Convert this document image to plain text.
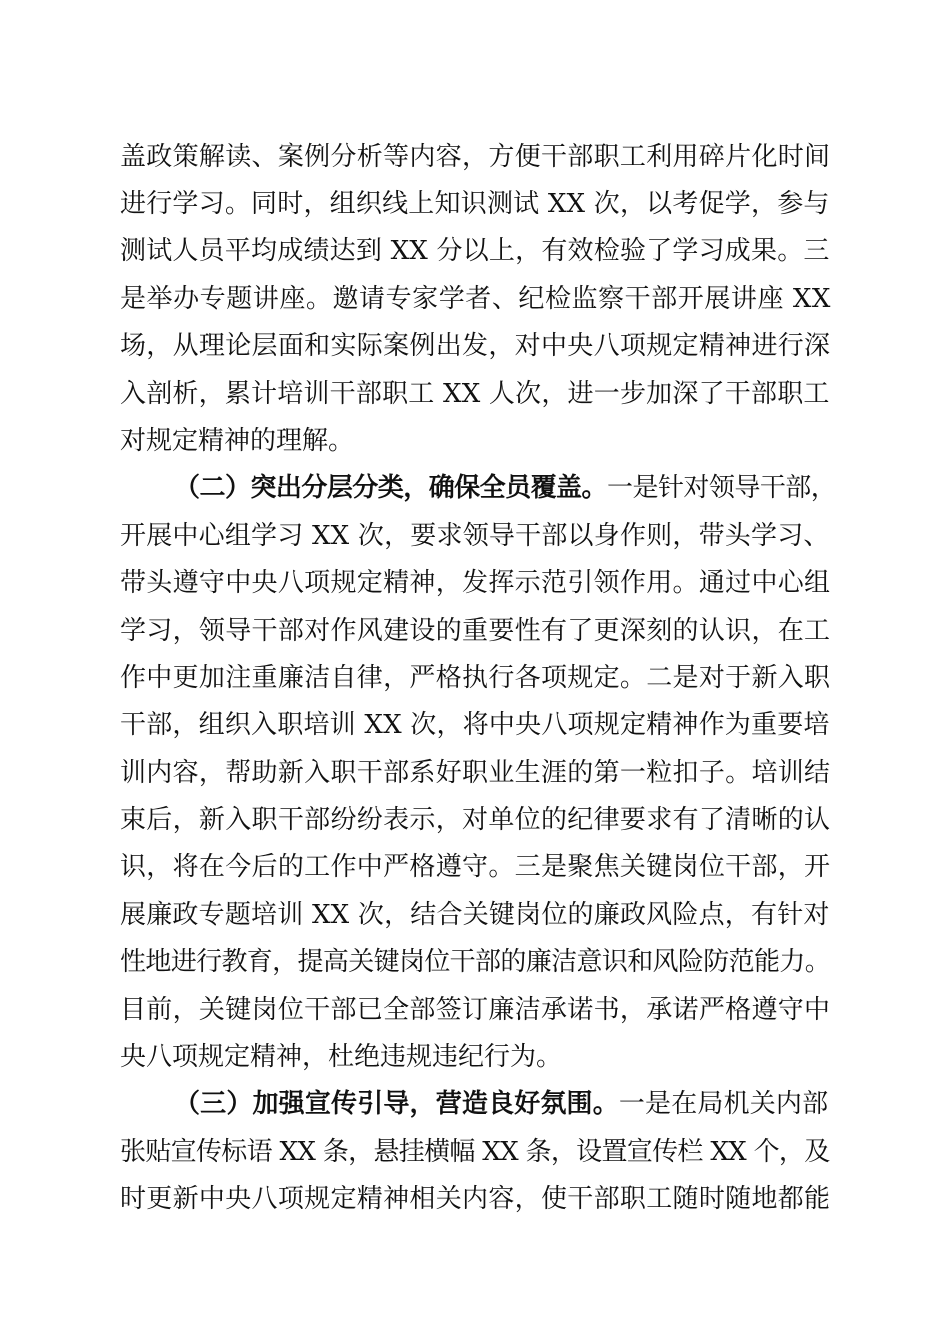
盖政策解读、案例分析等内容，方便干部职工利用碎片化时间
进行学习。同时，组织线上知识测试 XX 次，以考促学，参与
测试人员平均成绩达到 XX 分以上，有效检验了学习成果。三
是举办专题讲座。邀请专家学者、纪检监察干部开展讲座 XX
场，从理论层面和实际案例出发，对中央八项规定精神进行深
入剖析，累计培训干部职工 XX 人次，进一步加深了干部职工
对规定精神的理解。
（二）突出分层分类，确保全员覆盖。一是针对领导干部，
开展中心组学习 XX 次，要求领导干部以身作则，带头学习、
带头遵守中央八项规定精神，发挥示范引领作用。通过中心组
学习，领导干部对作风建设的重要性有了更深刻的认识，在工
作中更加注重廉洁自律，严格执行各项规定。二是对于新入职
干部，组织入职培训 XX 次，将中央八项规定精神作为重要培
训内容，帮助新入职干部系好职业生涯的第一粒扣子。培训结
束后，新入职干部纷纷表示，对单位的纪律要求有了清晰的认
识，将在今后的工作中严格遵守。三是聚焦关键岗位干部，开
展廉政专题培训 XX 次，结合关键岗位的廉政风险点，有针对
性地进行教育，提高关键岗位干部的廉洁意识和风险防范能力。
目前，关键岗位干部已全部签订廉洁承诺书，承诺严格遵守中
央八项规定精神，杜绝违规违纪行为。
（三）加强宣传引导，营造良好氛围。一是在局机关内部
张贴宣传标语 XX 条，悬挂横幅 XX 条，设置宣传栏 XX 个，及
时更新中央八项规定精神相关内容，使干部职工随时随地都能
